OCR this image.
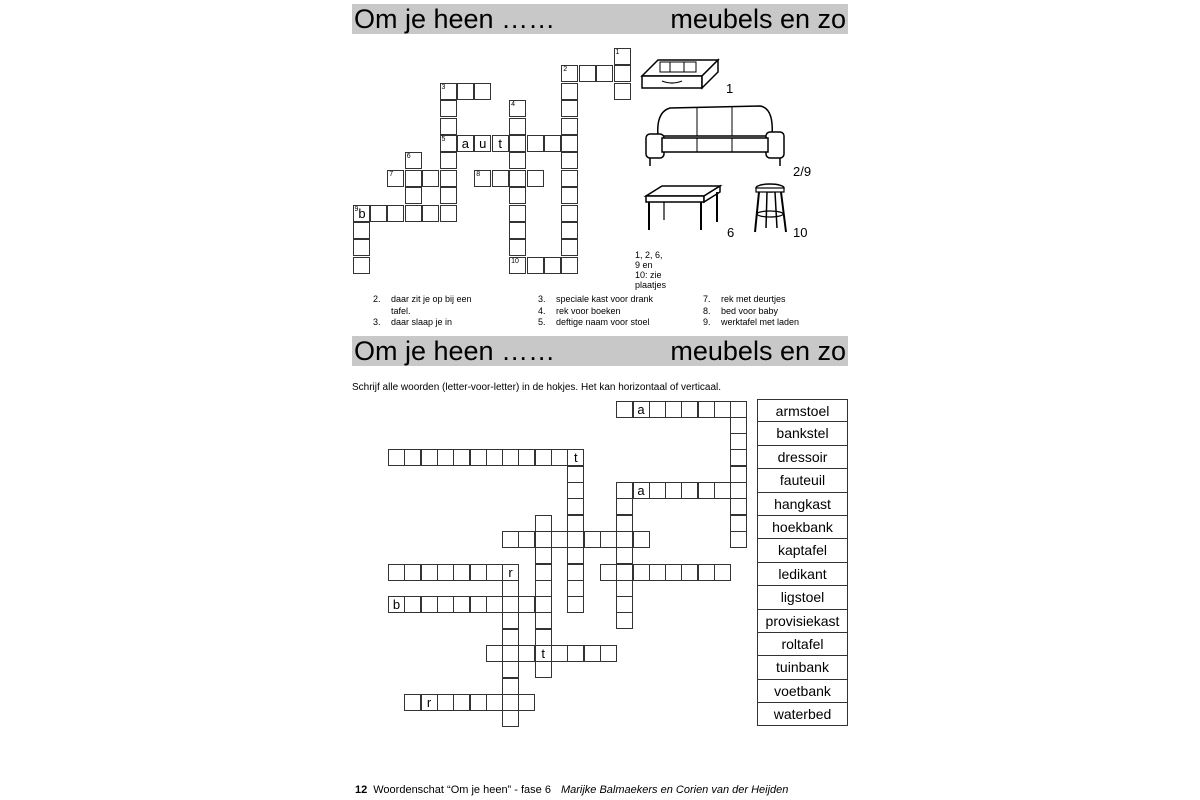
Om je heen ……	meubels en zo
1
2
3
5
4
10
a u t
6
7	8
9 b
a
t
a
t
r
b
r
1
2/9
6	10
1, 2, 6, 9 en 10: zie plaatjes
2. daar zit je op bij een
tafel.
3. daar slaap je in
3. speciale kast voor drank
4. rek voor boeken
5. deftige naam voor stoel
7. rek met deurtjes
8. bed voor baby
9. werktafel met laden
Om je heen ……	meubels en zo
Schrijf alle woorden (letter-voor-letter) in de hokjes. Het kan horizontaal of verticaal.
armstoel
bankstel
dressoir
fauteuil
hangkast
hoekbank
kaptafel
ledikant
ligstoel
provisiekast
roltafel
tuinbank
voetbank
waterbed
12 Woordenschat “Om je heen” - fase 6 Marijke Balmaekers en Corien van der Heijden
